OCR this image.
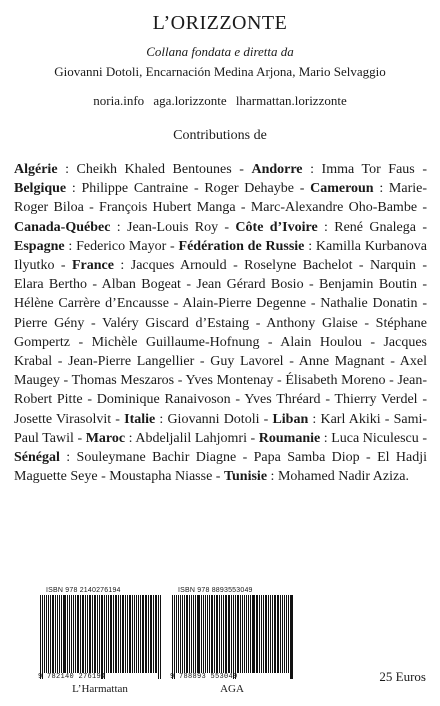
L’ORIZZONTE
Collana fondata e diretta da
Giovanni Dotoli, Encarnación Medina Arjona, Mario Selvaggio
noria.info aga.lorizzonte lharmattan.lorizzonte
Contributions de
Algérie : Cheikh Khaled Bentounes - Andorre : Imma Tor Faus - Belgique : Philippe Cantraine - Roger Dehaybe - Cameroun : Marie-Roger Biloa - François Hubert Manga - Marc-Alexandre Oho-Bambe - Canada-Québec : Jean-Louis Roy - Côte d’Ivoire : René Gnalega - Espagne : Federico Mayor - Fédération de Russie : Kamilla Kurbanova Ilyutko - France : Jacques Arnould - Roselyne Bachelot - Narquin - Elara Bertho - Alban Bogeat - Jean Gérard Bosio - Benjamin Boutin - Hélène Carrère d’Encausse - Alain-Pierre Degenne - Nathalie Donatin - Pierre Gény - Valéry Giscard d’Estaing - Anthony Glaise - Stéphane Gompertz - Michèle Guillaume-Hofnung - Alain Houlou - Jacques Krabal - Jean-Pierre Langellier - Guy Lavorel - Anne Magnant - Axel Maugey - Thomas Meszaros - Yves Montenay - Élisabeth Moreno - Jean-Robert Pitte - Dominique Ranaivoson - Yves Thréard - Thierry Verdel - Josette Virasolvit - Italie : Giovanni Dotoli - Liban : Karl Akiki - Sami-Paul Tawil - Maroc : Abdeljalil Lahjomri - Roumanie : Luca Niculescu - Sénégal : Souleymane Bachir Diagne - Papa Samba Diop - El Hadji Maguette Seye - Moustapha Niasse - Tunisie : Mohamed Nadir Aziza.
ISBN 978 2140276194
9 782140 276194
L’Harmattan
ISBN 978 8893553049
9 788893 553049
AGA
25 Euros
